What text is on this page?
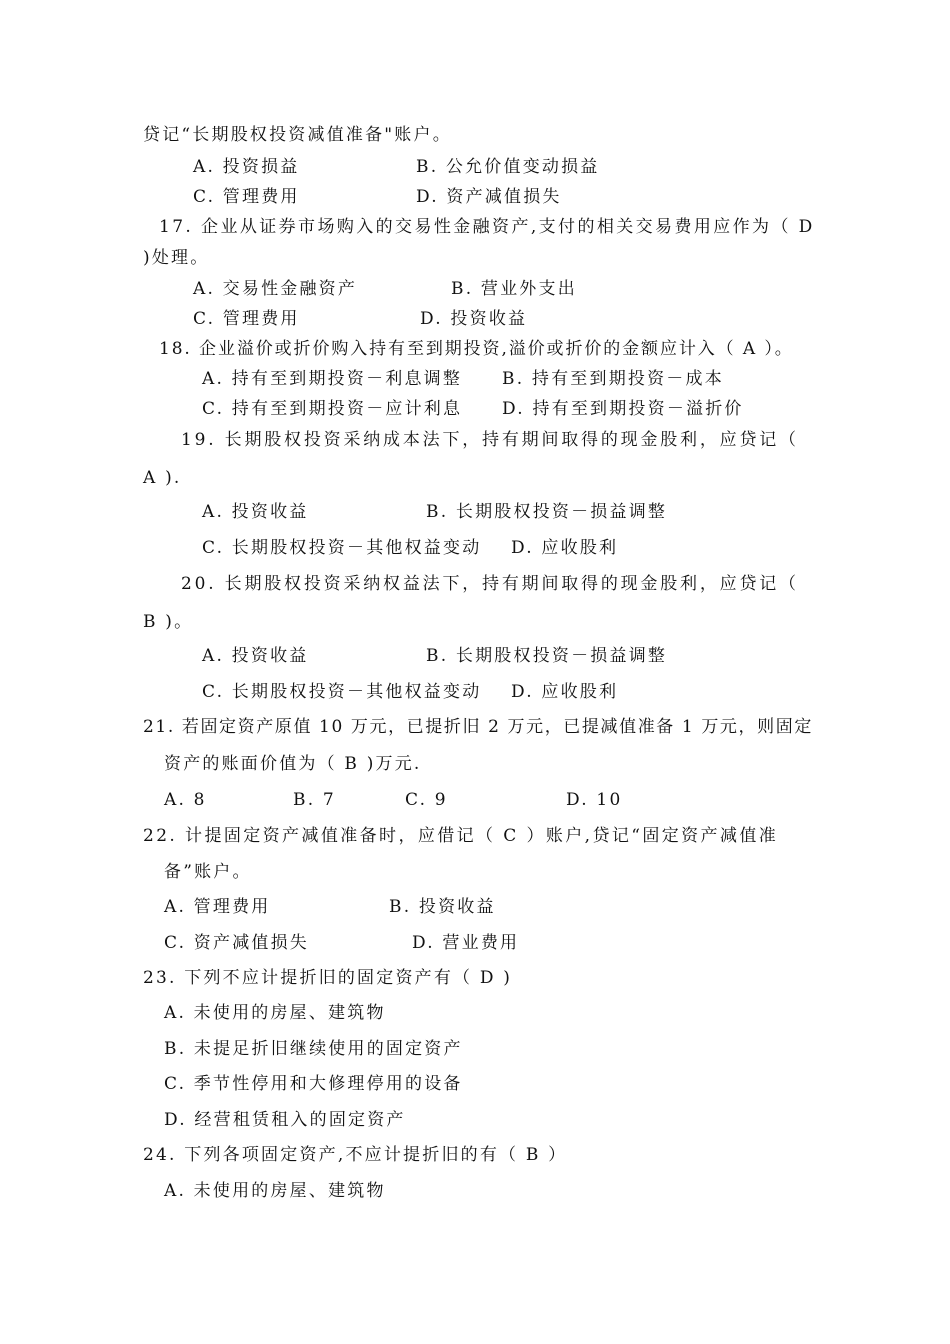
贷记“长期股权投资减值准备"账户。
A. 投资损益	B. 公允价值变动损益
C. 管理费用	D. 资产减值损失
17. 企业从证券市场购入的交易性金融资产,支付的相关交易费用应作为（ D
)处理。
A. 交易性金融资产	B. 营业外支出
C. 管理费用	D. 投资收益
18. 企业溢价或折价购入持有至到期投资,溢价或折价的金额应计入（ A ）。
A. 持有至到期投资－利息调整 B. 持有至到期投资－成本
C. 持有至到期投资－应计利息 D. 持有至到期投资－溢折价
19. 长期股权投资采纳成本法下，持有期间取得的现金股利，应贷记（
A ).
A. 投资收益	B. 长期股权投资－损益调整
C. 长期股权投资－其他权益变动 D. 应收股利
20. 长期股权投资采纳权益法下，持有期间取得的现金股利，应贷记（
B )。
A. 投资收益	B. 长期股权投资－损益调整
C. 长期股权投资－其他权益变动 D. 应收股利
21. 若固定资产原值 10 万元，已提折旧 2 万元，已提减值准备 1 万元，则固定
资产的账面价值为（ B )万元.
A. 8	B. 7	C. 9	D. 10
22. 计提固定资产减值准备时，应借记（ C ）账户,贷记“固定资产减值准
备”账户。
A. 管理费用	B. 投资收益
C. 资产减值损失	D. 营业费用
23. 下列不应计提折旧的固定资产有（ D )
A. 未使用的房屋、建筑物
B. 未提足折旧继续使用的固定资产
C. 季节性停用和大修理停用的设备
D. 经营租赁租入的固定资产
24. 下列各项固定资产,不应计提折旧的有（ B ）
A. 未使用的房屋、建筑物
